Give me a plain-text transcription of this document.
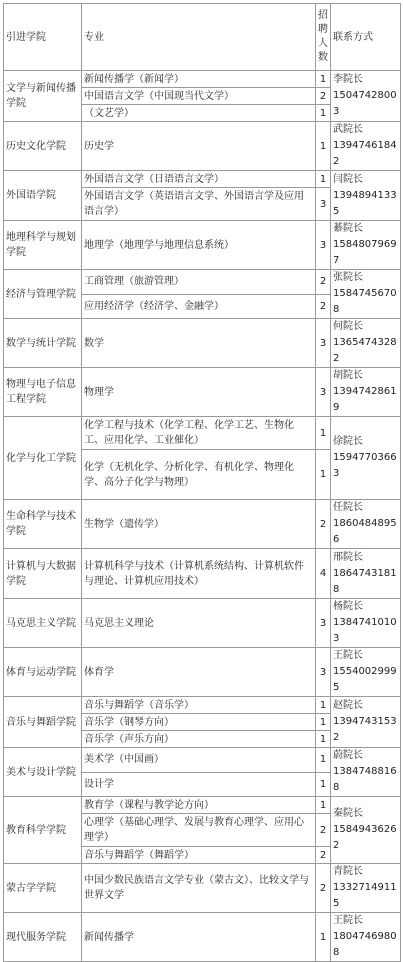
引进学院	专业	招聘人数	联系方式
文学与新闻传播学院	新闻传播学（新闻学）	1	李院长
15047428003
	中国语言文学（中国现当代文学）	2	
	（文艺学）	1	
历史文化学院	历史学	1	武院长
13947461842
外国语学院	外国语言文学（日语语言文学）	1	闫院长
13948941335
	外国语言文学（英语语言文学、外国语言学及应用语言学）	3	
地理科学与规划学院	地理学（地理学与地理信息系统）	3	綦院长
15848079697
经济与管理学院	工商管理（旅游管理）	2	张院长
15847456708
	应用经济学（经济学、金融学）	2	
数学与统计学院	数学	3	何院长
13654743282
物理与电子信息工程学院	物理学	3	胡院长
13947428619
化学与化工学院	化学工程与技术（化学工程、化学工艺、生物化工、应用化学、工业催化）	1	徐院长
15947703663
	化学（无机化学、分析化学、有机化学、物理化学、高分子化学与物理）	1	
生命科学与技术学院	生物学（遗传学）	2	任院长
18604848956
计算机与大数据学院	计算机科学与技术（计算机系统结构、计算机软件与理论、计算机应用技术）	4	邢院长
18647431818
马克思主义学院	马克思主义理论	3	杨院长
13847410103
体育与运动学院	体育学	3	王院长
15540029995
音乐与舞蹈学院	音乐与舞蹈学（音乐学）	1	赵院长
13947431532
	音乐学（钢琴方向）	1	
	音乐学（声乐方向）	1	
美术与设计学院	美术学（中国画）	1	蔚院长
13847488168
	设计学	1	
教育科学学院	教育学（课程与教学论方向）	1	秦院长
15849436262
	心理学（基础心理学、发展与教育心理学、应用心理学）	2	
	音乐与舞蹈学（舞蹈学）	2	
蒙古学学院	中国少数民族语言文学专业（蒙古文）、比较文学与世界文学	2	青院长
13327149115
现代服务学院	新闻传播学	1	王院长
18047469808
